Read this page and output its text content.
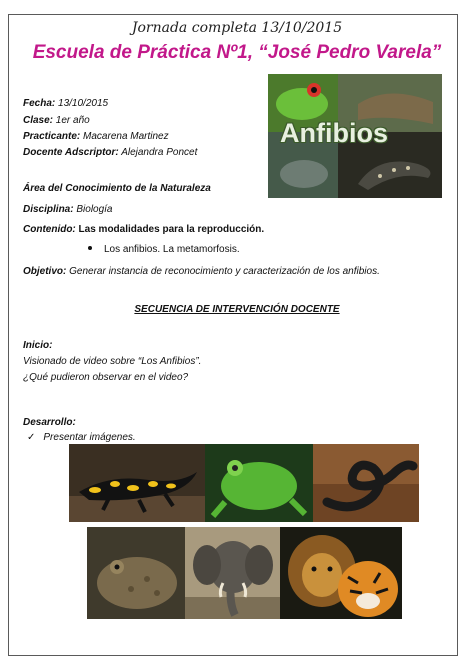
Jornada completa 13/10/2015
Escuela de Práctica Nº1, “José Pedro Varela”
Anfibios
Fecha: 13/10/2015
Clase: 1er año
Practicante: Macarena Martinez
Docente Adscriptor: Alejandra Poncet
Área del Conocimiento de la Naturaleza
Disciplina: Biología
Contenido: Las modalidades para la reproducción.
Los anfibios. La metamorfosis.
Objetivo: Generar instancia de reconocimiento y caracterización de los anfibios.
SECUENCIA DE INTERVENCIÓN DOCENTE
Inicio:
Visionado de video sobre “Los Anfibios”.
¿Qué pudieron observar en el video?
Desarrollo:
✓ Presentar imágenes.
